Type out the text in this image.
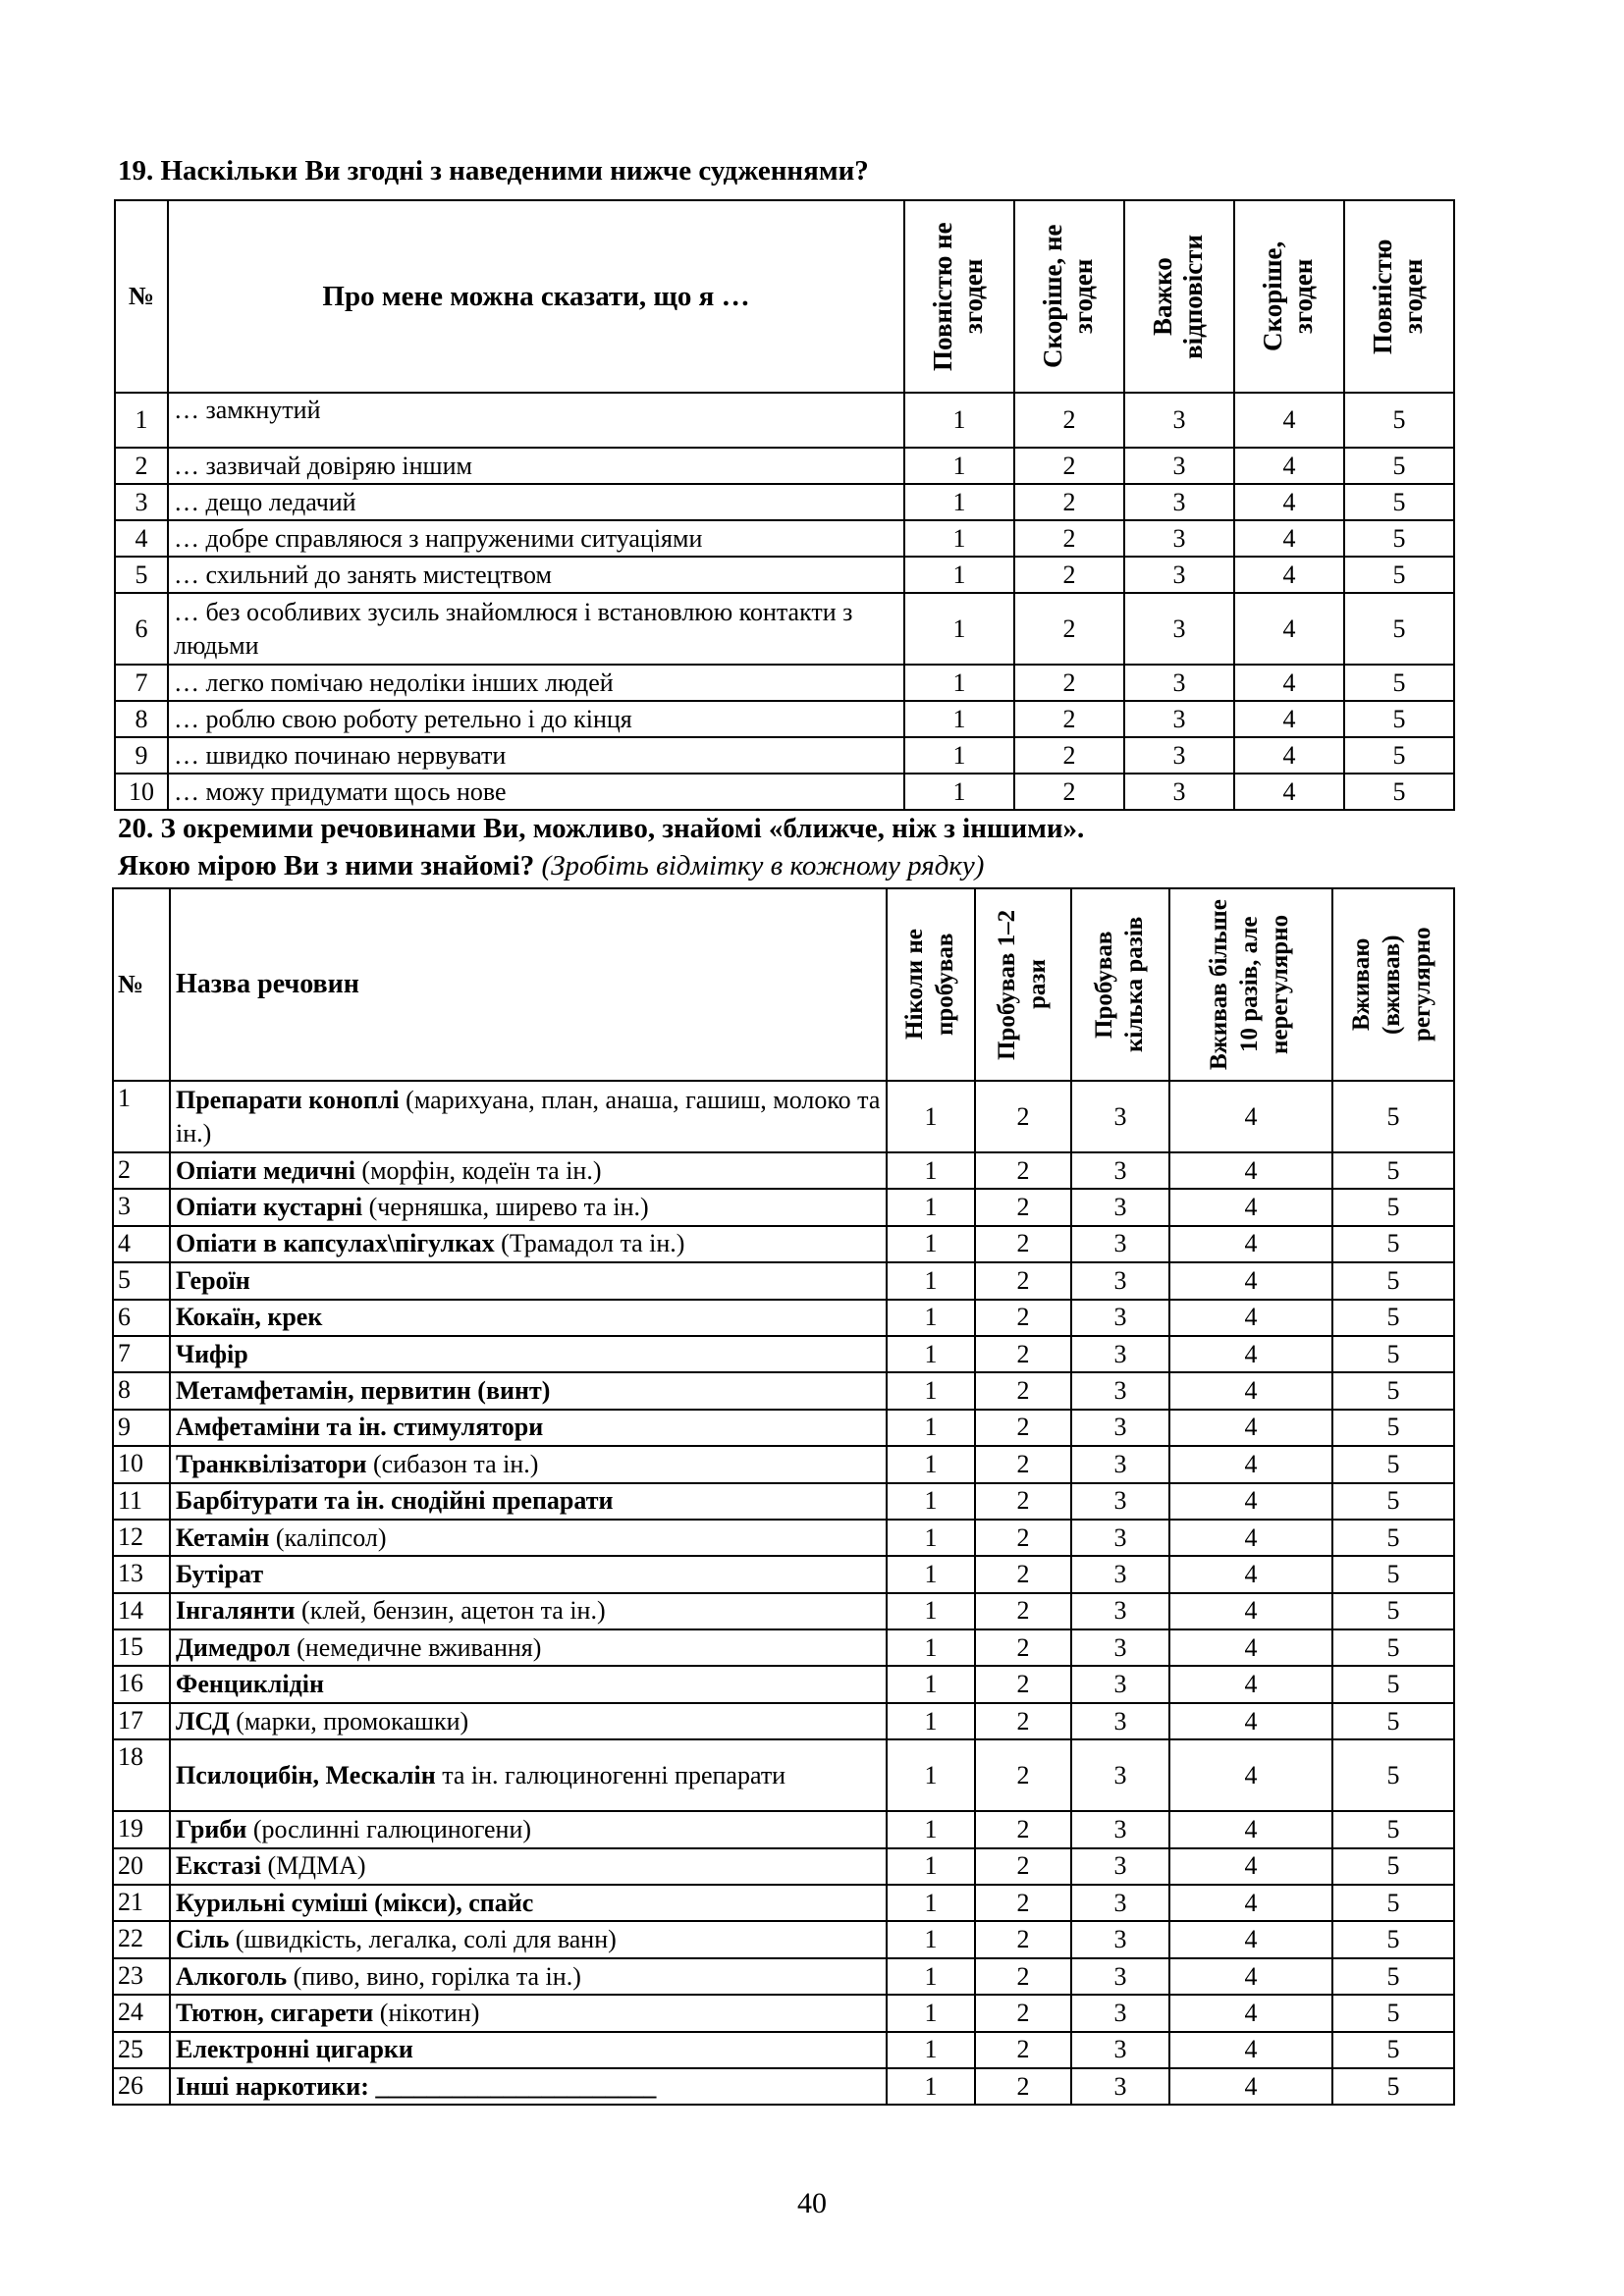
19. Наскільки Ви згодні з наведеними нижче судженнями?
№	Про мене можна сказати, що я …	Повністю не згоден	Скоріше, не згоден	Важко відповісти	Скоріше, згоден	Повністю згоден

1	… замкнутий	1	2	3	4	5
2	… зазвичай довіряю іншим	1	2	3	4	5
3	… дещо ледачий	1	2	3	4	5
4	… добре справляюся з напруженими ситуаціями	1	2	3	4	5
5	… схильний до занять мистецтвом	1	2	3	4	5
6	… без особливих зусиль знайомлюся і встановлюю контакти з людьми	1	2	3	4	5
7	… легко помічаю недоліки інших людей	1	2	3	4	5
8	… роблю свою роботу ретельно і до кінця	1	2	3	4	5
9	… швидко починаю нервувати	1	2	3	4	5
10	… можу придумати щось нове	1	2	3	4	5
20. З окремими речовинами Ви, можливо, знайомі «ближче, ніж з іншими».
Якою мірою Ви з ними знайомі? (Зробіть відмітку в кожному рядку)
№	Назва речовин	Ніколи не пробував	Пробував 1–2 рази	Пробував кілька разів	Вживав більше 10 разів, але нерегулярно	Вживаю (вживав) регулярно

1	Препарати коноплі (марихуана, план, анаша, гашиш, молоко та ін.)	1	2	3	4	5
2	Опіати медичні (морфін, кодеїн та ін.)	1	2	3	4	5
3	Опіати кустарні (черняшка, ширево та ін.)	1	2	3	4	5
4	Опіати в капсулах\пігулках (Трамадол та ін.)	1	2	3	4	5
5	Героїн	1	2	3	4	5
6	Кокаїн, крек	1	2	3	4	5
7	Чифір	1	2	3	4	5
8	Метамфетамін, первитин (винт)	1	2	3	4	5
9	Амфетаміни та ін. стимулятори	1	2	3	4	5
10	Транквілізатори (сибазон та ін.)	1	2	3	4	5
11	Барбітурати та ін. снодійні препарати	1	2	3	4	5
12	Кетамін (каліпсол)	1	2	3	4	5
13	Бутірат	1	2	3	4	5
14	Інгалянти (клей, бензин, ацетон та ін.)	1	2	3	4	5
15	Димедрол (немедичне вживання)	1	2	3	4	5
16	Фенциклідін	1	2	3	4	5
17	ЛСД (марки, промокашки)	1	2	3	4	5
18	Псилоцибін, Мескалін та ін. галюциногенні препарати	1	2	3	4	5
19	Гриби (рослинні галюциногени)	1	2	3	4	5
20	Екстазі (МДМА)	1	2	3	4	5
21	Курильні суміші (мікси), спайс	1	2	3	4	5
22	Сіль (швидкість, легалка, солі для ванн)	1	2	3	4	5
23	Алкоголь (пиво, вино, горілка та ін.)	1	2	3	4	5
24	Тютюн, сигарети (нікотин)	1	2	3	4	5
25	Електронні цигарки	1	2	3	4	5
26	Інші наркотики: ______________________	1	2	3	4	5
40
